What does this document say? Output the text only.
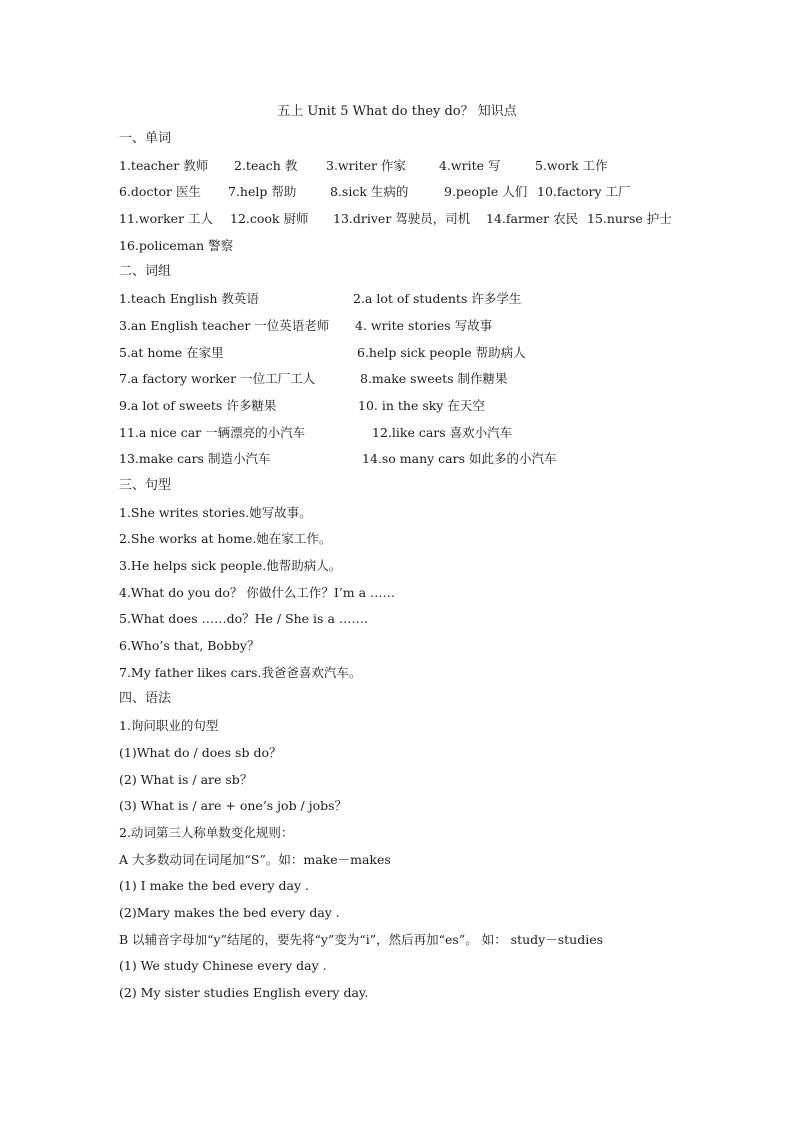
五上 Unit 5 What do they do？ 知识点
一、单词
1.teacher 教师 2.teach 教 3.writer 作家	4.write 写	5.work 工作
6.doctor 医生 7.help 帮助	8.sick 生病的	9.people 人们 10.factory 工厂
11.worker 工人 12.cook 厨师 13.driver 驾驶员，司机 14.farmer 农民 15.nurse 护士
16.policeman 警察
二、词组
1.teach English 教英语	2.a lot of students 许多学生
3.an English teacher 一位英语老师 4. write stories 写故事
5.at home 在家里	6.help sick people 帮助病人
7.a factory worker 一位工厂工人	8.make sweets 制作糖果
9.a lot of sweets 许多糖果	10. in the sky 在天空
11.a nice car 一辆漂亮的小汽车	12.like cars 喜欢小汽车
13.make cars 制造小汽车	14.so many cars 如此多的小汽车
三、句型
1.She writes stories.她写故事。
2.She works at home.她在家工作。
3.He helps sick people.他帮助病人。
4.What do you do？ 你做什么工作？I’m a ……
5.What does ……do？He / She is a …….
6.Who’s that, Bobby？
7.My father likes cars.我爸爸喜欢汽车。
四、语法
1.询问职业的句型
(1)What do / does sb do？
(2) What is / are sb？
(3) What is / are + one’s job / jobs？
2.动词第三人称单数变化规则：
A 大多数动词在词尾加“S”。如：make－makes
(1) I make the bed every day .
(2)Mary makes the bed every day .
B 以辅音字母加“y”结尾的，要先将“y”变为“i”，然后再加“es”。 如： study－studies
(1) We study Chinese every day .
(2) My sister studies English every day.
